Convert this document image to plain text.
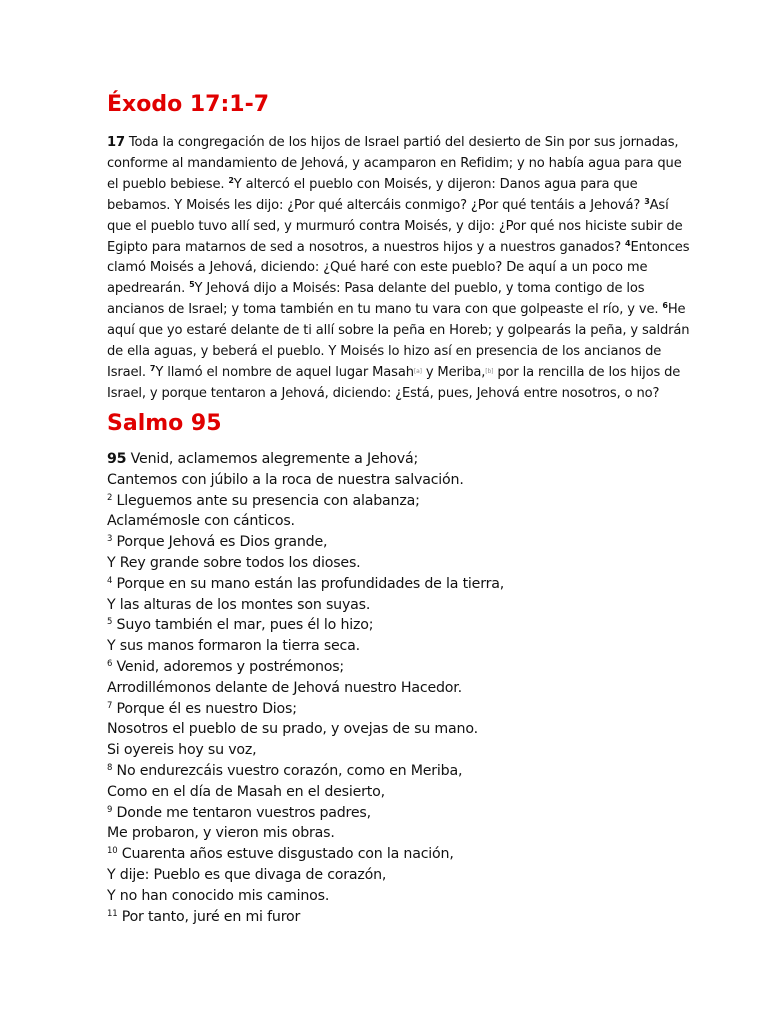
Éxodo 17:1-7
17 Toda la congregación de los hijos de Israel partió del desierto de Sin por sus jornadas,
conforme al mandamiento de Jehová, y acamparon en Refidim; y no había agua para que
el pueblo bebiese. $^2$Y altercó el pueblo con Moisés, y dijeron: Danos agua para que
bebamos. Y Moisés les dijo: ¿Por qué altercáis conmigo? ¿Por qué tentáis a Jehová? $^3$Así
que el pueblo tuvo allí sed, y murmuró contra Moisés, y dijo: ¿Por qué nos hiciste subir de
Egipto para matarnos de sed a nosotros, a nuestros hijos y a nuestros ganados? $^4$Entonces
clamó Moisés a Jehová, diciendo: ¿Qué haré con este pueblo? De aquí a un poco me
apedrearán. $^5$Y Jehová dijo a Moisés: Pasa delante del pueblo, y toma contigo de los
ancianos de Israel; y toma también en tu mano tu vara con que golpeaste el río, y ve. $^6$He
aquí que yo estaré delante de ti allí sobre la peña en Horeb; y golpearás la peña, y saldrán
de ella aguas, y beberá el pueblo. Y Moisés lo hizo así en presencia de los ancianos de
Israel. $^7$Y llamó el nombre de aquel lugar Masah[a] y Meriba,[b] por la rencilla de los hijos de
Israel, y porque tentaron a Jehová, diciendo: ¿Está, pues, Jehová entre nosotros, o no?
Salmo 95
95 Venid, aclamemos alegremente a Jehová;
Cantemos con júbilo a la roca de nuestra salvación.
$^2$ Lleguemos ante su presencia con alabanza;
Aclamémosle con cánticos.
$^3$ Porque Jehová es Dios grande,
Y Rey grande sobre todos los dioses.
$^4$ Porque en su mano están las profundidades de la tierra,
Y las alturas de los montes son suyas.
$^5$ Suyo también el mar, pues él lo hizo;
Y sus manos formaron la tierra seca.
$^6$ Venid, adoremos y postrémonos;
Arrodillémonos delante de Jehová nuestro Hacedor.
$^7$ Porque él es nuestro Dios;
Nosotros el pueblo de su prado, y ovejas de su mano.
Si oyereis hoy su voz,
$^8$ No endurezcáis vuestro corazón, como en Meriba,
Como en el día de Masah en el desierto,
$^9$ Donde me tentaron vuestros padres,
Me probaron, y vieron mis obras.
$^{10}$ Cuarenta años estuve disgustado con la nación,
Y dije: Pueblo es que divaga de corazón,
Y no han conocido mis caminos.
$^{11}$ Por tanto, juré en mi furor
